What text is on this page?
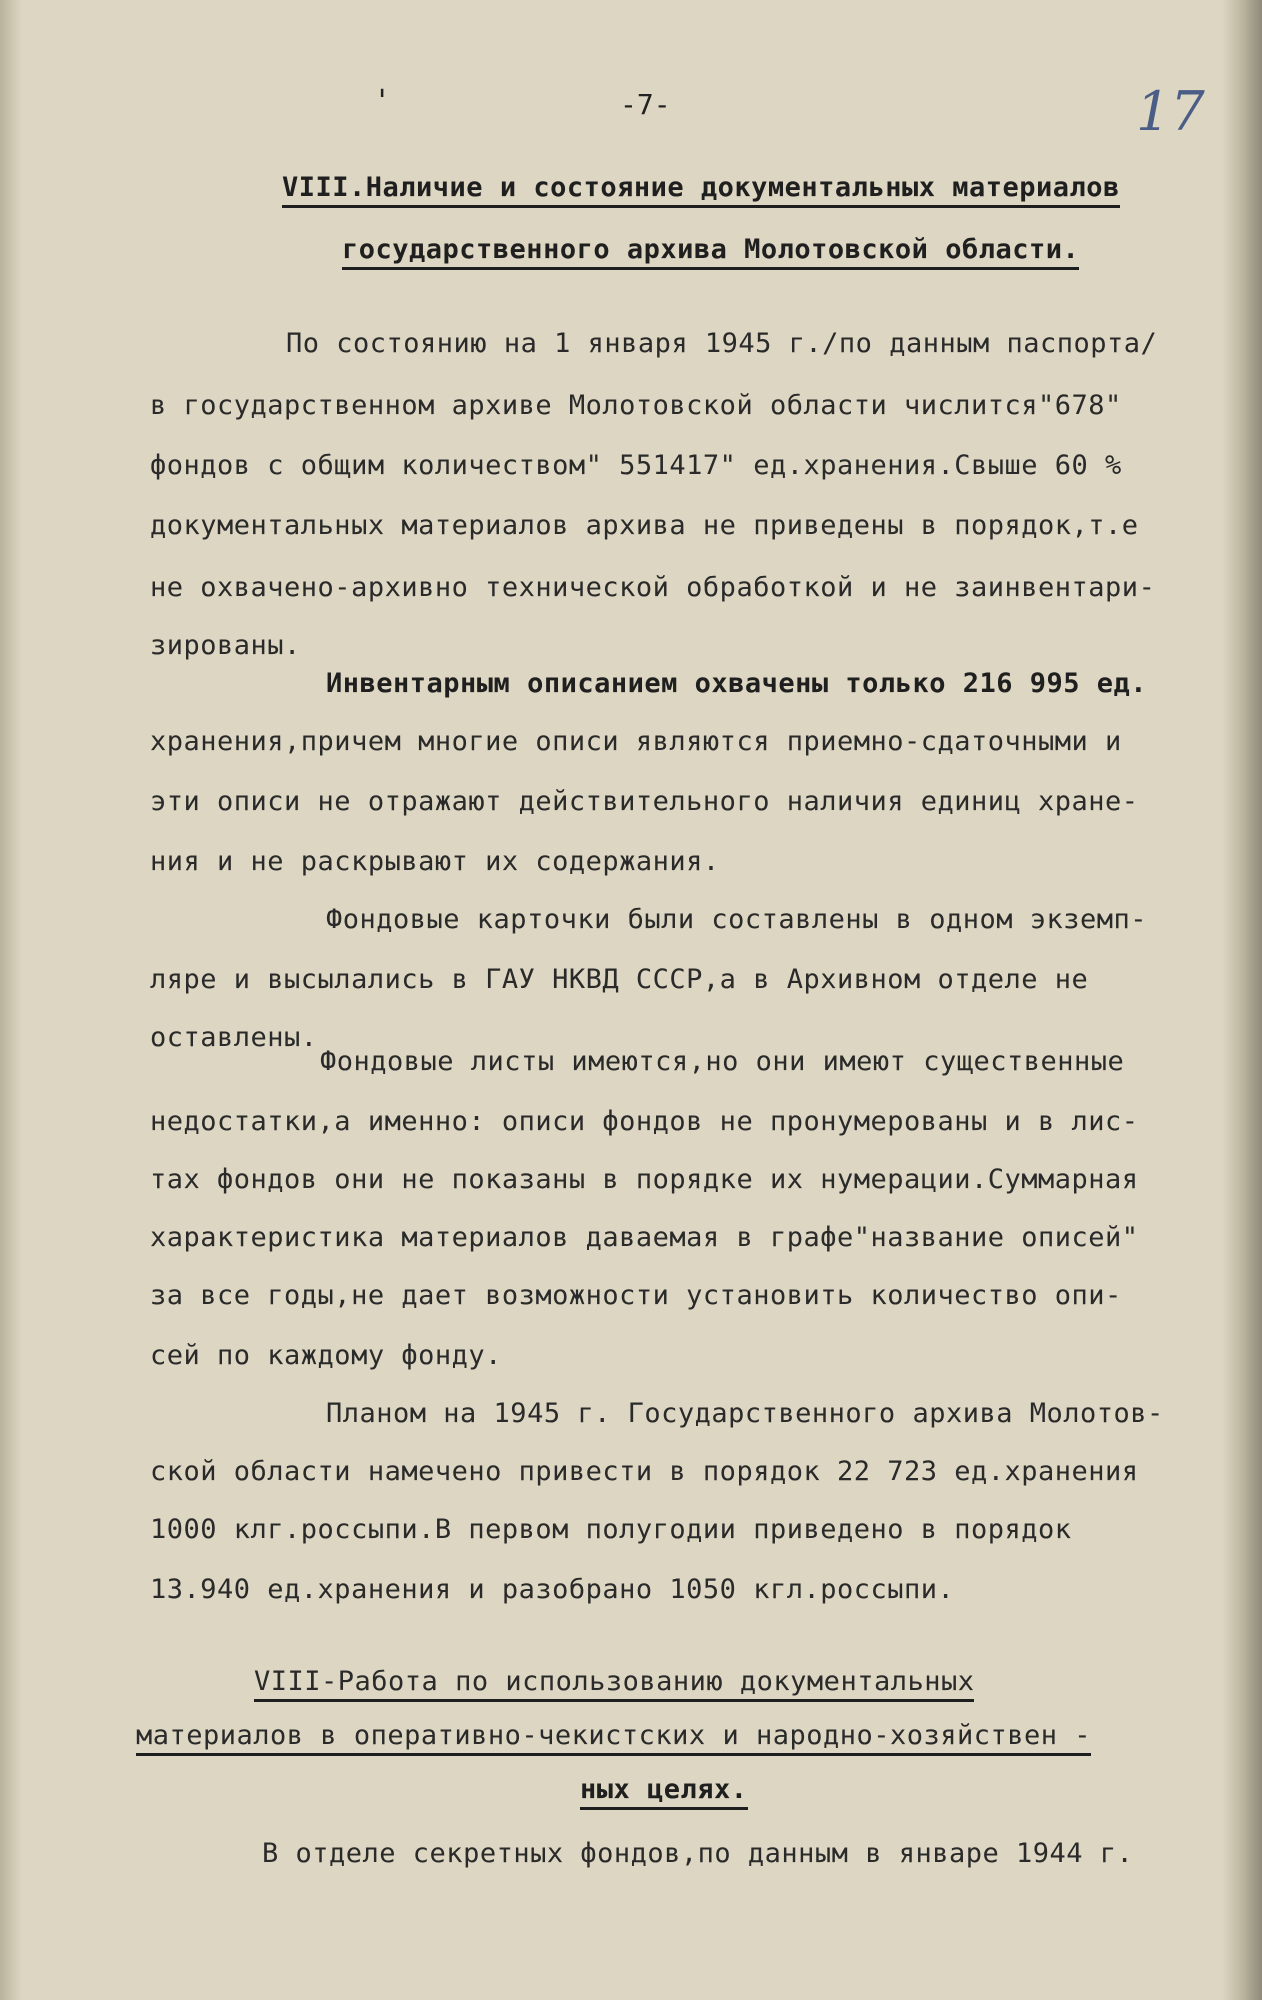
'	-7-	17

VIII.Наличие и состояние документальных материалов

государственного архива Молотовской области.

По состоянию на 1 января 1945 г./по данным паспорта/

в государственном архиве Молотовской области числится"678"

фондов с общим количеством" 551417" ед.хранения.Свыше 60 %

документальных материалов архива не приведены в порядок,т.е

не охвачено-архивно технической обработкой и не заинвентари-

зированы.

Инвентарным описанием охвачены только 216 995 ед.

хранения,причем многие описи являются приемно-сдаточными и

эти описи не отражают действительного наличия единиц хране-

ния и не раскрывают их содержания.

Фондовые карточки были составлены в одном экземп-

ляре и высылались в ГАУ НКВД СССР,а в Архивном отделе не

оставлены.

Фондовые листы имеются,но они имеют существенные

недостатки,а именно: описи фондов не пронумерованы и в лис-

тах фондов они не показаны в порядке их нумерации.Суммарная

характеристика материалов даваемая в графе"название описей"

за все годы,не дает возможности установить количество опи-

сей по каждому фонду.

Планом на 1945 г. Государственного архива Молотов-

ской области намечено привести в порядок 22 723 ед.хранения

1000 клг.россыпи.В первом полугодии приведено в порядок

13.940 ед.хранения и разобрано 1050 кгл.россыпи.

VIII-Работа по использованию документальных

материалов в оперативно-чекистских и народно-хозяйствен -

ных целях.

В отделе секретных фондов,по данным в январе 1944 г.
